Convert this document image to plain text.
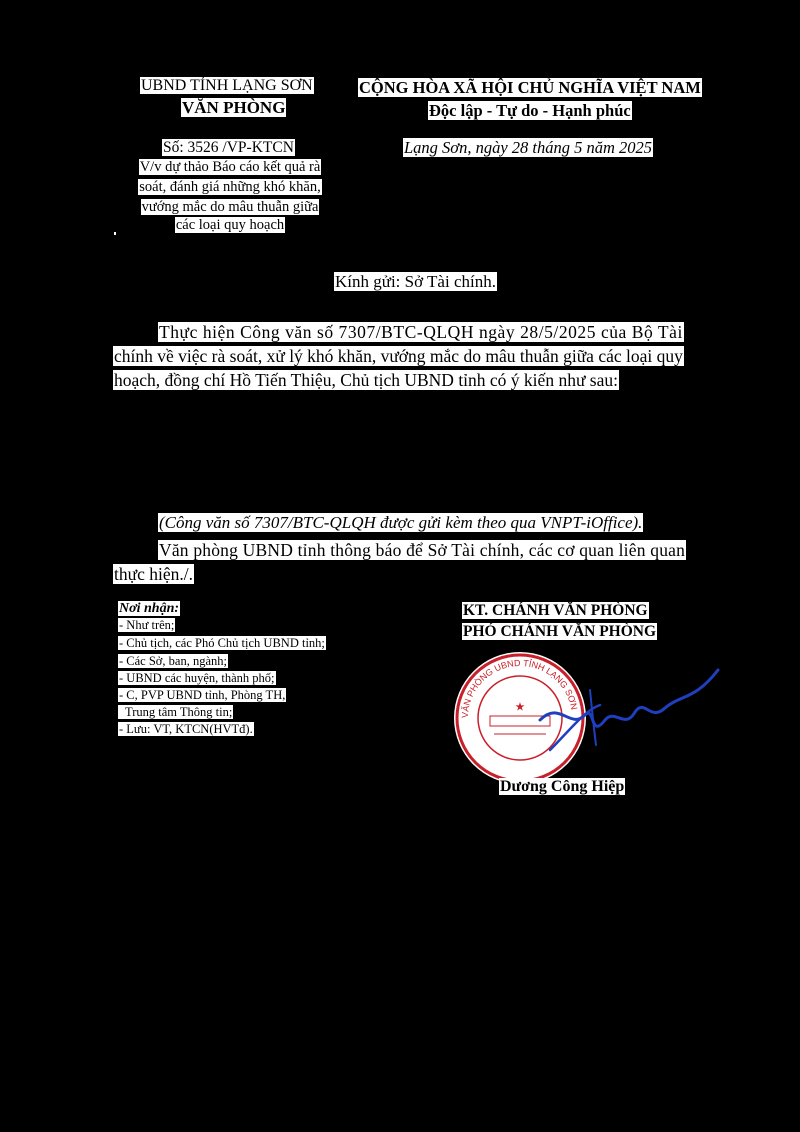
UBND TỈNH LẠNG SƠN
VĂN PHÒNG
Số: 3526 /VP-KTCN
V/v dự thảo Báo cáo kết quả rà
soát, đánh giá những khó khăn,
vướng mắc do mâu thuẫn giữa
các loại quy hoạch
CỘNG HÒA XÃ HỘI CHỦ NGHĨA VIỆT NAM
Độc lập - Tự do - Hạnh phúc
Lạng Sơn, ngày 28 tháng 5 năm 2025
Kính gửi: Sở Tài chính.
Thực hiện Công văn số 7307/BTC-QLQH ngày 28/5/2025 của Bộ Tài
chính về việc rà soát, xử lý khó khăn, vướng mắc do mâu thuẫn giữa các loại quy
hoạch, đồng chí Hồ Tiến Thiệu, Chủ tịch UBND tỉnh có ý kiến như sau:
(Công văn số 7307/BTC-QLQH được gửi kèm theo qua VNPT-iOffice).
Văn phòng UBND tỉnh thông báo để Sở Tài chính, các cơ quan liên quan
thực hiện./.
Nơi nhận:
- Như trên;
- Chủ tịch, các Phó Chủ tịch UBND tỉnh;
- Các Sở, ban, ngành;
- UBND các huyện, thành phố;
- C, PVP UBND tỉnh, Phòng TH,
Trung tâm Thông tin;
- Lưu: VT, KTCN(HVTđ).
KT. CHÁNH VĂN PHÒNG
PHÓ CHÁNH VĂN PHÒNG
VĂN PHÒNG UBND TỈNH LẠNG SƠN
★
Dương Công Hiệp
